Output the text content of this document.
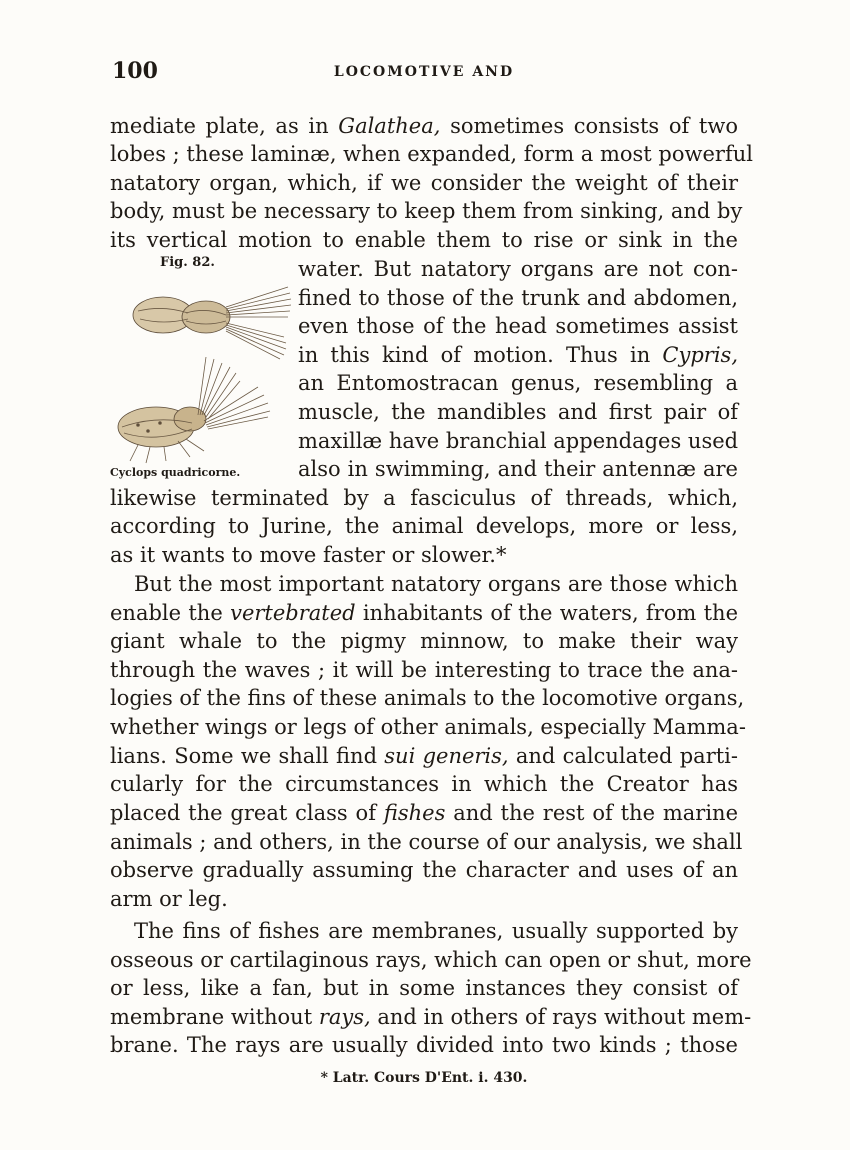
100	LOCOMOTIVE AND
mediate plate, as in Galathea, sometimes consists of two
lobes ; these laminæ, when expanded, form a most powerful
natatory organ, which, if we consider the weight of their
body, must be necessary to keep them from sinking, and by
its vertical motion to enable them to rise or sink in the
water. But natatory organs are not con-
fined to those of the trunk and abdomen,
even those of the head sometimes assist
in this kind of motion. Thus in Cypris,
an Entomostracan genus, resembling a
muscle, the mandibles and first pair of
maxillæ have branchial appendages used
also in swimming, and their antennæ are
likewise terminated by a fasciculus of threads, which,
according to Jurine, the animal develops, more or less,
as it wants to move faster or slower.*
But the most important natatory organs are those which
enable the vertebrated inhabitants of the waters, from the
giant whale to the pigmy minnow, to make their way
through the waves ; it will be interesting to trace the ana-
logies of the fins of these animals to the locomotive organs,
whether wings or legs of other animals, especially Mamma-
lians. Some we shall find sui generis, and calculated parti-
cularly for the circumstances in which the Creator has
placed the great class of fishes and the rest of the marine
animals ; and others, in the course of our analysis, we shall
observe gradually assuming the character and uses of an
arm or leg.
The fins of fishes are membranes, usually supported by
osseous or cartilaginous rays, which can open or shut, more
or less, like a fan, but in some instances they consist of
membrane without rays, and in others of rays without mem-
brane. The rays are usually divided into two kinds ; those
Fig. 82.
Cyclops quadricorne.
* Latr. Cours D'Ent. i. 430.
